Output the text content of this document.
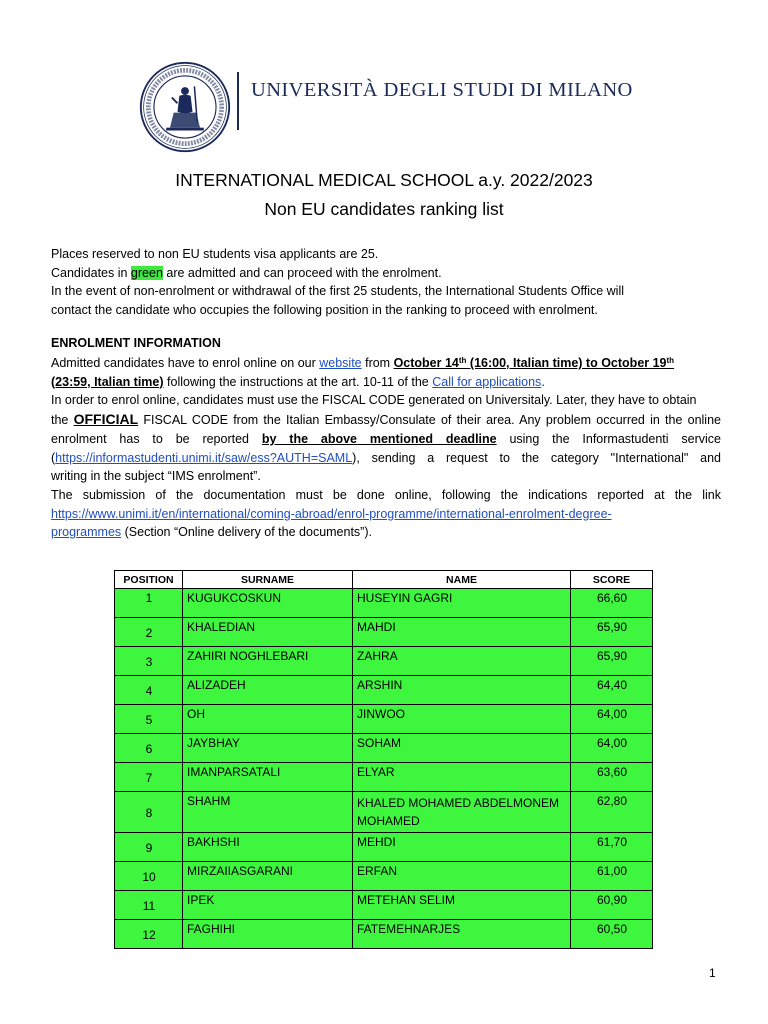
UNIVERSITÀ DEGLI STUDI DI MILANO
INTERNATIONAL MEDICAL SCHOOL a.y. 2022/2023
Non EU candidates ranking list
Places reserved to non EU students visa applicants are 25.
Candidates in green are admitted and can proceed with the enrolment.
In the event of non-enrolment or withdrawal of the first 25 students, the International Students Office will
contact the candidate who occupies the following position in the ranking to proceed with enrolment.
ENROLMENT INFORMATION
Admitted candidates have to enrol online on our website from October 14th (16:00, Italian time) to October 19th
(23:59, Italian time) following the instructions at the art. 10-11 of the Call for applications.
In order to enrol online, candidates must use the FISCAL CODE generated on Universitaly. Later, they have to obtain
the OFFICIAL FISCAL CODE from the Italian Embassy/Consulate of their area. Any problem occurred in the online
enrolment has to be reported by the above mentioned deadline using the Informastudenti service
(https://informastudenti.unimi.it/saw/ess?AUTH=SAML), sending a request to the category "International" and
writing in the subject “IMS enrolment”.
The submission of the documentation must be done online, following the indications reported at the link
https://www.unimi.it/en/international/coming-abroad/enrol-programme/international-enrolment-degree-
programmes (Section “Online delivery of the documents”).
POSITION	SURNAME	NAME	SCORE
1	KUGUKCOSKUN	HUSEYIN GAGRI	66,60
2	KHALEDIAN	MAHDI	65,90
3	ZAHIRI NOGHLEBARI	ZAHRA	65,90
4	ALIZADEH	ARSHIN	64,40
5	OH	JINWOO	64,00
6	JAYBHAY	SOHAM	64,00
7	IMANPARSATALI	ELYAR	63,60
8	SHAHM	KHALED MOHAMED ABDELMONEM MOHAMED	62,80
9	BAKHSHI	MEHDI	61,70
10	MIRZAIIASGARANI	ERFAN	61,00
11	IPEK	METEHAN SELIM	60,90
12	FAGHIHI	FATEMEHNARJES	60,50
1
